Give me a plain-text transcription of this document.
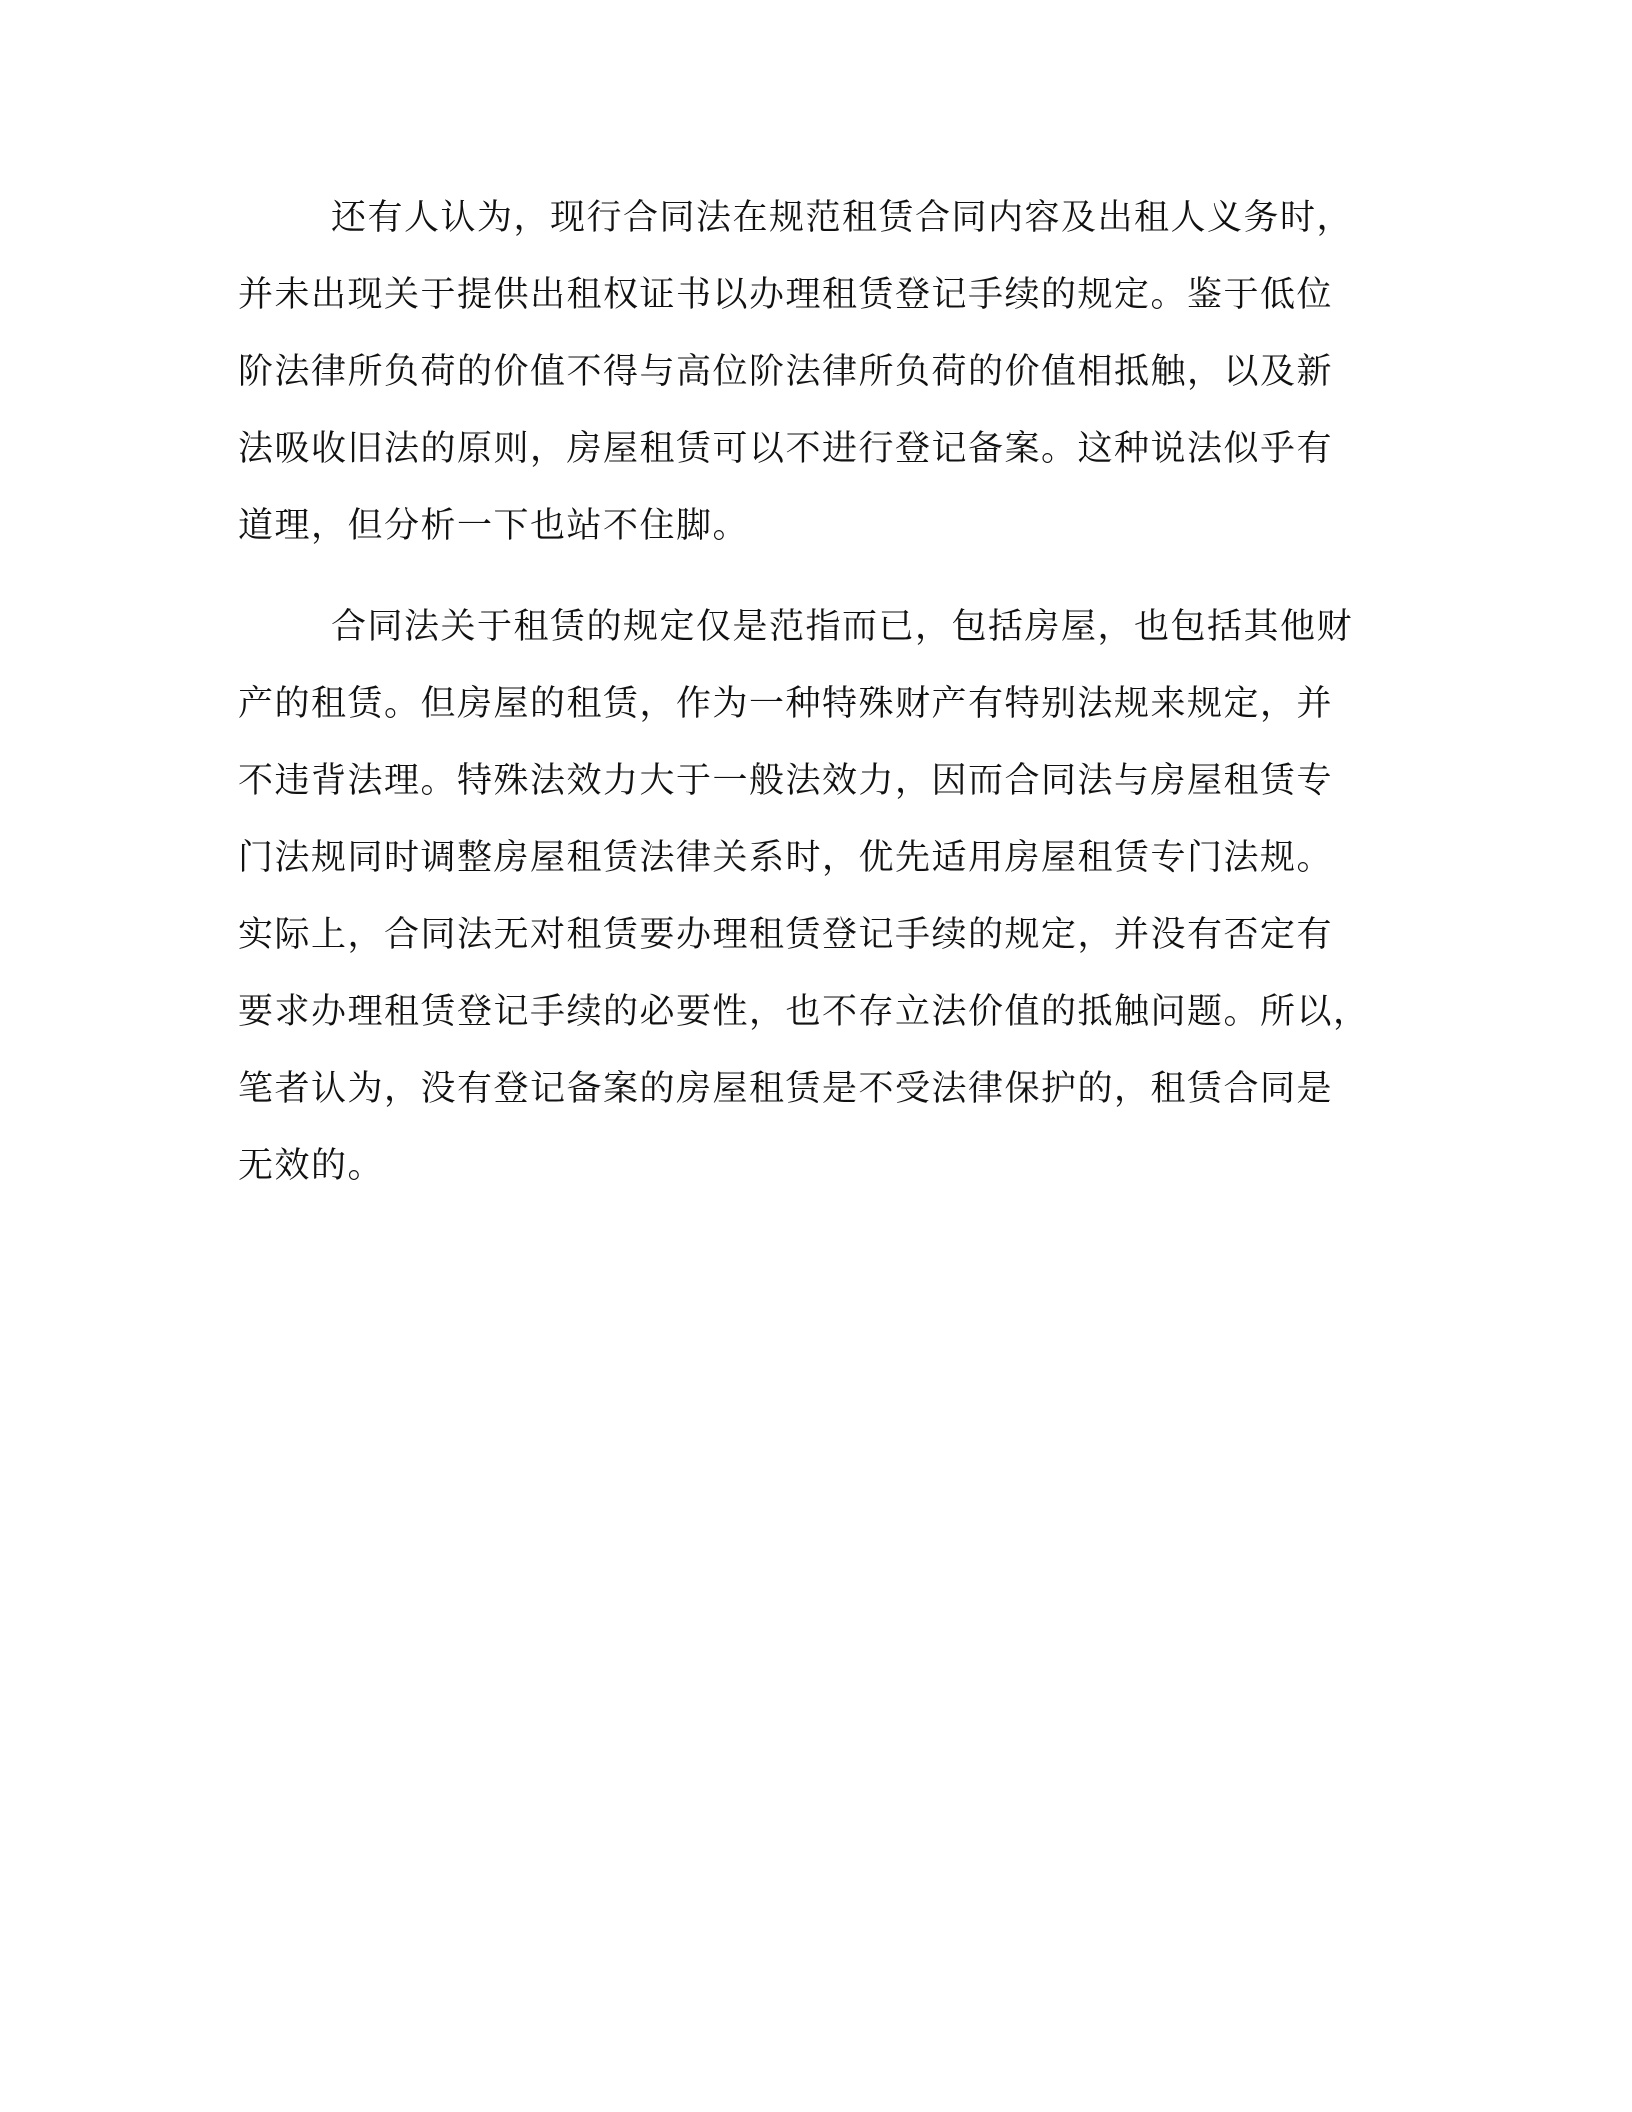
还有人认为，现行合同法在规范租赁合同内容及出租人义务时，

并未出现关于提供出租权证书以办理租赁登记手续的规定。鉴于低位

阶法律所负荷的价值不得与高位阶法律所负荷的价值相抵触，以及新

法吸收旧法的原则，房屋租赁可以不进行登记备案。这种说法似乎有

道理，但分析一下也站不住脚。

合同法关于租赁的规定仅是范指而已，包括房屋，也包括其他财

产的租赁。但房屋的租赁，作为一种特殊财产有特别法规来规定，并

不违背法理。特殊法效力大于一般法效力，因而合同法与房屋租赁专

门法规同时调整房屋租赁法律关系时，优先适用房屋租赁专门法规。

实际上，合同法无对租赁要办理租赁登记手续的规定，并没有否定有

要求办理租赁登记手续的必要性，也不存立法价值的抵触问题。所以，

笔者认为，没有登记备案的房屋租赁是不受法律保护的，租赁合同是

无效的。
